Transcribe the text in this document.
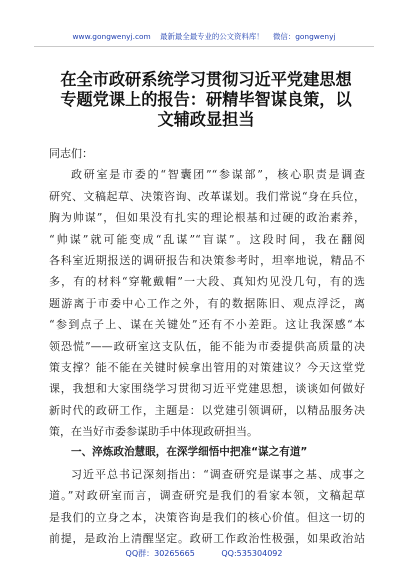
www.gongwenyj.com 最新最全最专业的公文资料库！ 微信：gongwenyj
在全市政研系统学习贯彻习近平党建思想
专题党课上的报告：研精毕智谋良策，以
文辅政显担当
同志们：
政研室是市委的“智囊团”“参谋部”，核心职责是调查
研究、文稿起草、决策咨询、改革谋划。我们常说“身在兵位，
胸为帅谋”，但如果没有扎实的理论根基和过硬的政治素养，
“帅谋”就可能变成“乱谋”“盲谋”。这段时间，我在翻阅
各科室近期报送的调研报告和决策参考时，坦率地说，精品不
多，有的材料“穿靴戴帽”一大段、真知灼见没几句，有的选
题游离于市委中心工作之外，有的数据陈旧、观点浮泛，离
“参到点子上、谋在关键处”还有不小差距。这让我深感“本
领恐慌”——政研室这支队伍，能不能为市委提供高质量的决
策支撑？能不能在关键时候拿出管用的对策建议？今天这堂党
课，我想和大家围绕学习贯彻习近平党建思想，谈谈如何做好
新时代的政研工作，主题是：以党建引领调研，以精品服务决
策，在当好市委参谋助手中体现政研担当。
一、淬炼政治慧眼，在深学细悟中把准“谋之有道”
习近平总书记深刻指出：“调查研究是谋事之基、成事之
道。”对政研室而言，调查研究是我们的看家本领，文稿起草
是我们的立身之本，决策咨询是我们的核心价值。但这一切的
前提，是政治上清醒坚定。政研工作政治性极强，如果政治站
QQ群：30265665	QQ:535304092
